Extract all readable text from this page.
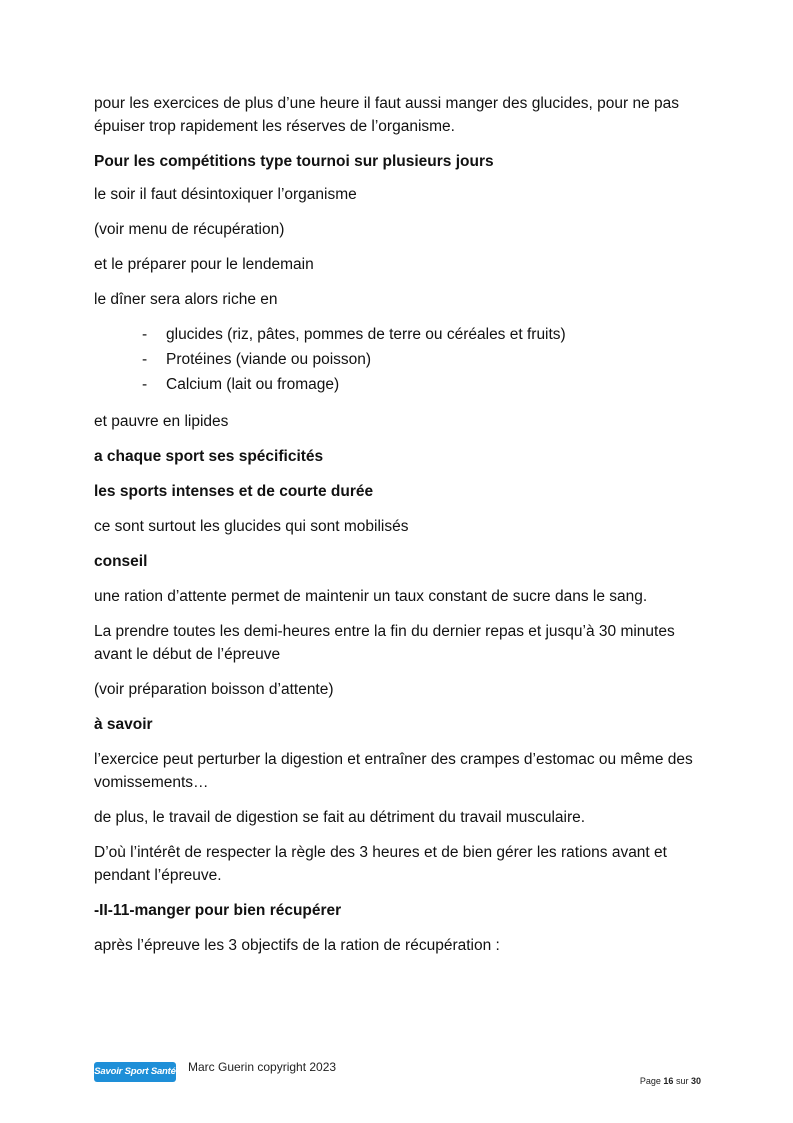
pour les exercices de plus d’une heure il faut aussi manger des glucides, pour ne pas épuiser trop rapidement les réserves de l’organisme.

Pour les compétitions type tournoi sur plusieurs jours

le soir il faut désintoxiquer l’organisme

(voir menu de récupération)

et le préparer pour le lendemain

le dîner sera alors riche en

- glucides (riz, pâtes, pommes de terre ou céréales et fruits)
- Protéines (viande ou poisson)
- Calcium (lait ou fromage)

et pauvre en lipides

a chaque sport ses spécificités

les sports intenses et de courte durée

ce sont surtout les glucides qui sont mobilisés

conseil

une ration d’attente permet de maintenir un taux constant de sucre dans le sang.

La prendre toutes les demi-heures entre la fin du dernier repas et jusqu’à 30 minutes avant le début de l’épreuve

(voir préparation boisson d’attente)

à savoir

l’exercice peut perturber la digestion et entraîner des crampes d’estomac ou même des vomissements…

de plus, le travail de digestion se fait au détriment du travail musculaire.

D’où l’intérêt de respecter la règle des 3 heures et de bien gérer les rations avant et pendant l’épreuve.

-II-11-manger pour bien récupérer

après l’épreuve les 3 objectifs de la ration de récupération :

Savoir Sport Santé Marc Guerin copyright 2023
Page 16 sur 30
